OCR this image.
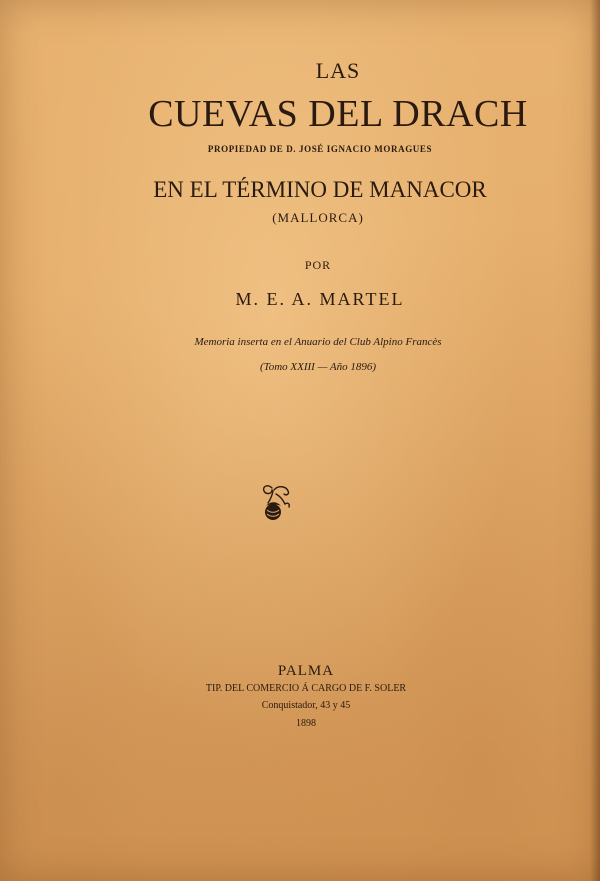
LAS

CUEVAS DEL DRACH

PROPIEDAD DE D. JOSÉ IGNACIO MORAGUES

EN EL TÉRMINO DE MANACOR

(MALLORCA)

POR

M. E. A. MARTEL

Memoria inserta en el Anuario del Club Alpino Francès

(Tomo XXIII — Año 1896)

PALMA

TIP. DEL COMERCIO Á CARGO DE F. SOLER

Conquistador, 43 y 45

1898
